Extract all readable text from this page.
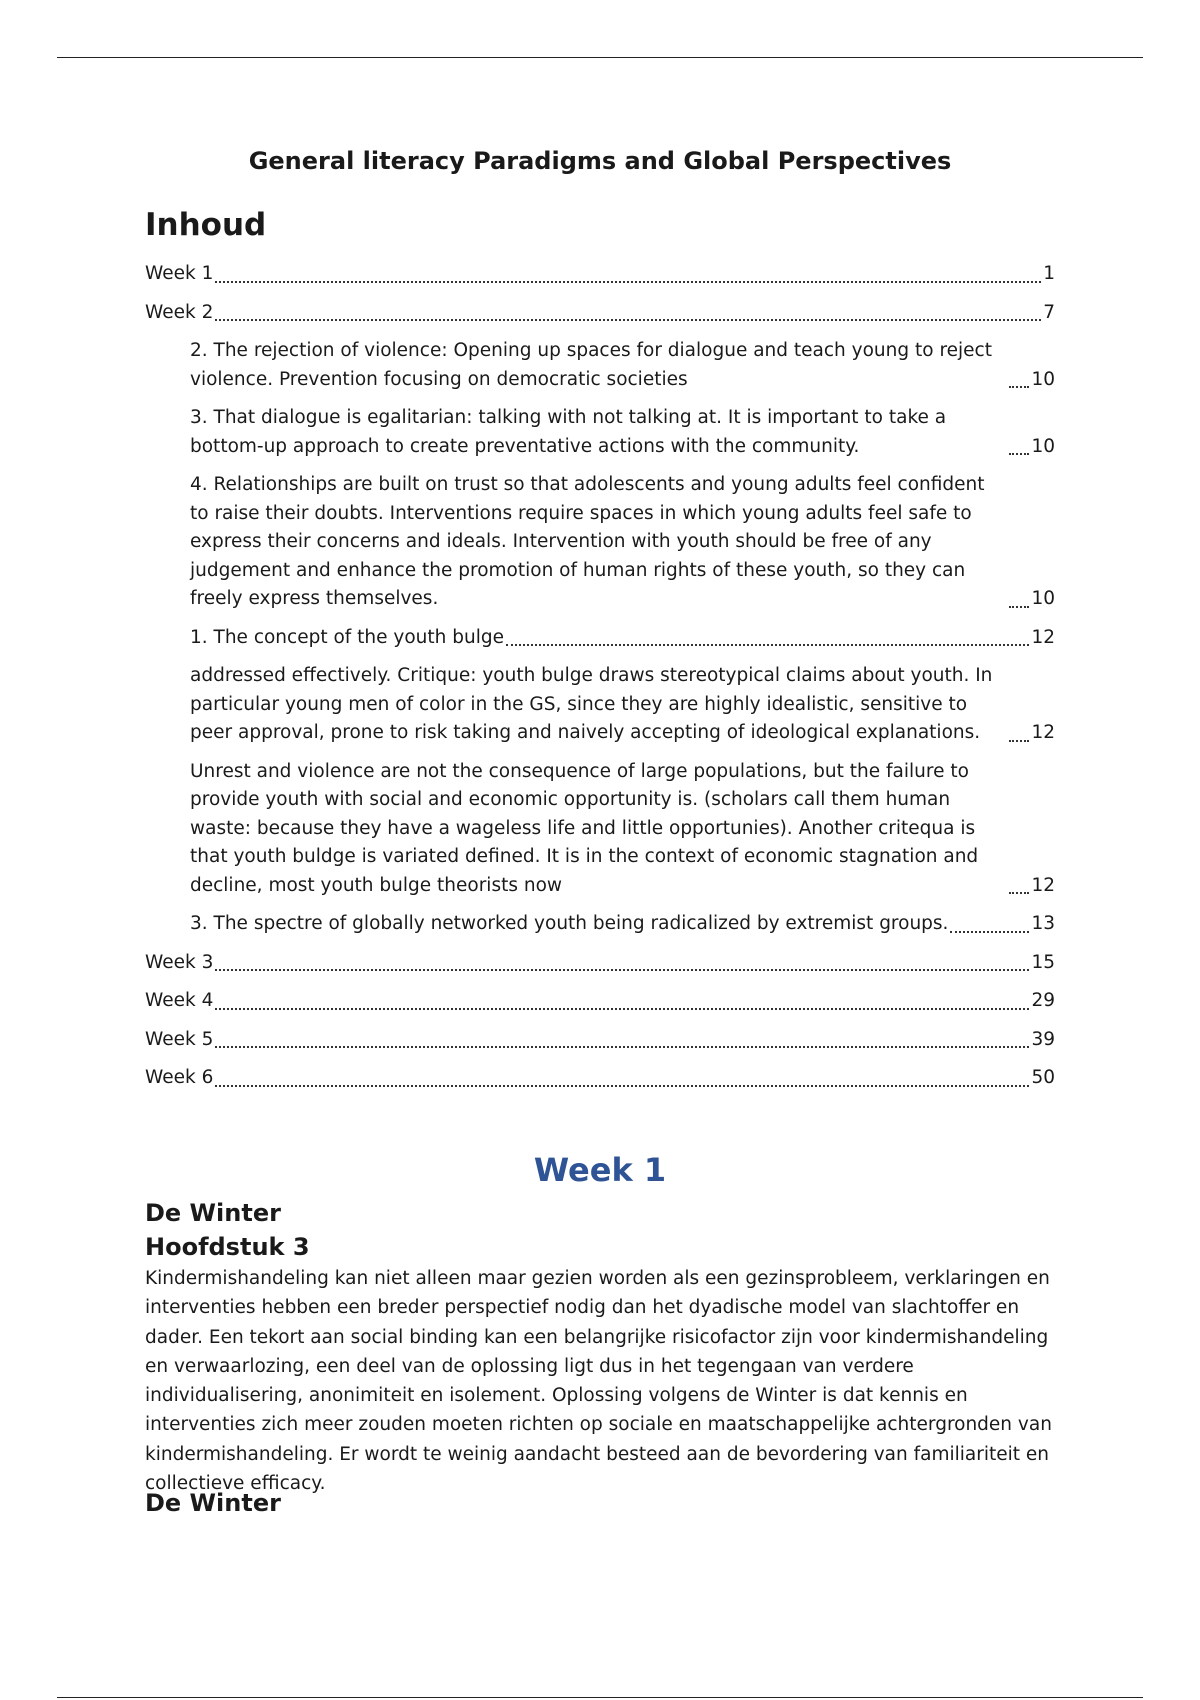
General literacy Paradigms and Global Perspectives
Inhoud
Week 1	1
Week 2	7
2. The rejection of violence: Opening up spaces for dialogue and teach young to reject violence. Prevention focusing on democratic societies	10
3. That dialogue is egalitarian: talking with not talking at. It is important to take a bottom-up approach to create preventative actions with the community.	10
4. Relationships are built on trust so that adolescents and young adults feel confident to raise their doubts. Interventions require spaces in which young adults feel safe to express their concerns and ideals. Intervention with youth should be free of any judgement and enhance the promotion of human rights of these youth, so they can freely express themselves.	10
1. The concept of the youth bulge	12
addressed effectively. Critique: youth bulge draws stereotypical claims about youth. In particular young men of color in the GS, since they are highly idealistic, sensitive to peer approval, prone to risk taking and naively accepting of ideological explanations.	12
Unrest and violence are not the consequence of large populations, but the failure to provide youth with social and economic opportunity is. (scholars call them human waste: because they have a wageless life and little opportunies). Another critequa is that youth buldge is variated defined. It is in the context of economic stagnation and decline, most youth bulge theorists now	12
3. The spectre of globally networked youth being radicalized by extremist groups.	13
Week 3	15
Week 4	29
Week 5	39
Week 6	50
Week 1
De Winter
Hoofdstuk 3

Kindermishandeling kan niet alleen maar gezien worden als een gezinsprobleem, verklaringen en interventies hebben een breder perspectief nodig dan het dyadische model van slachtoffer en dader. Een tekort aan social binding kan een belangrijke risicofactor zijn voor kindermishandeling en verwaarlozing, een deel van de oplossing ligt dus in het tegengaan van verdere individualisering, anonimiteit en isolement. Oplossing volgens de Winter is dat kennis en interventies zich meer zouden moeten richten op sociale en maatschappelijke achtergronden van kindermishandeling. Er wordt te weinig aandacht besteed aan de bevordering van familiariteit en collectieve efficacy.

De Winter
